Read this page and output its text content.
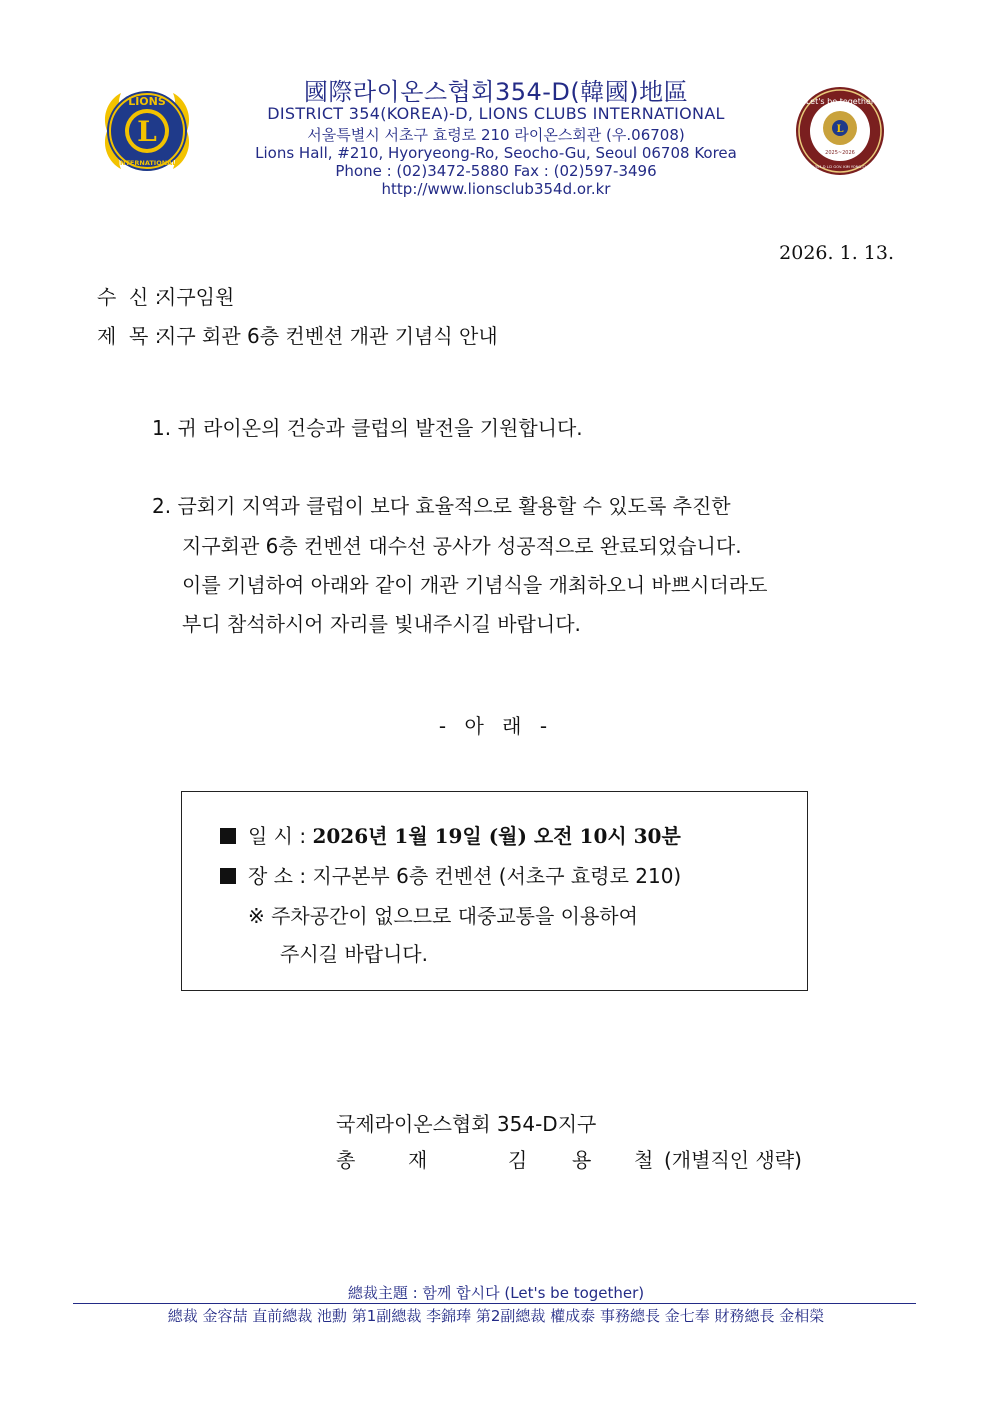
L
LIONS
INTERNATIONAL
L
Let's be together
2025~2026
DIST 354-D LCI GOV. KIM YONG-CHEOL
國際라이온스협회354-D(韓國)地區
DISTRICT 354(KOREA)-D, LIONS CLUBS INTERNATIONAL
서울특별시 서초구 효령로 210 라이온스회관 (우.06708)
Lions Hall, #210, Hyoryeong-Ro, Seocho-Gu, Seoul 06708 Korea
Phone : (02)3472-5880 Fax : (02)597-3496
http://www.lionsclub354d.or.kr
2026. 1. 13.
수  신 :지구임원
제  목 :지구 회관 6층 컨벤션 개관 기념식 안내
1. 귀 라이온의 건승과 클럽의 발전을 기원합니다.
2. 금회기 지역과 클럽이 보다 효율적으로 활용할 수 있도록 추진한
지구회관 6층 컨벤션 대수선 공사가 성공적으로 완료되었습니다.
이를 기념하여 아래와 같이 개관 기념식을 개최하오니 바쁘시더라도
부디 참석하시어 자리를 빛내주시길 바랍니다.
- 아 래 -
일 시 : 2026년 1월 19일 (월) 오전 10시 30분
장 소 : 지구본부 6층 컨벤션 (서초구 효령로 210)
※ 주차공간이 없으므로 대중교통을 이용하여
주시길 바랍니다.
국제라이온스협회 354-D지구
총	재	김 용 철 (개별직인 생략)
總裁主題 : 함께 합시다 (Let's be together)
總裁 金容喆 直前總裁 池勳 第1副總裁 李錦琫 第2副總裁 權成泰 事務總長 金七奉 財務總長 金相榮
